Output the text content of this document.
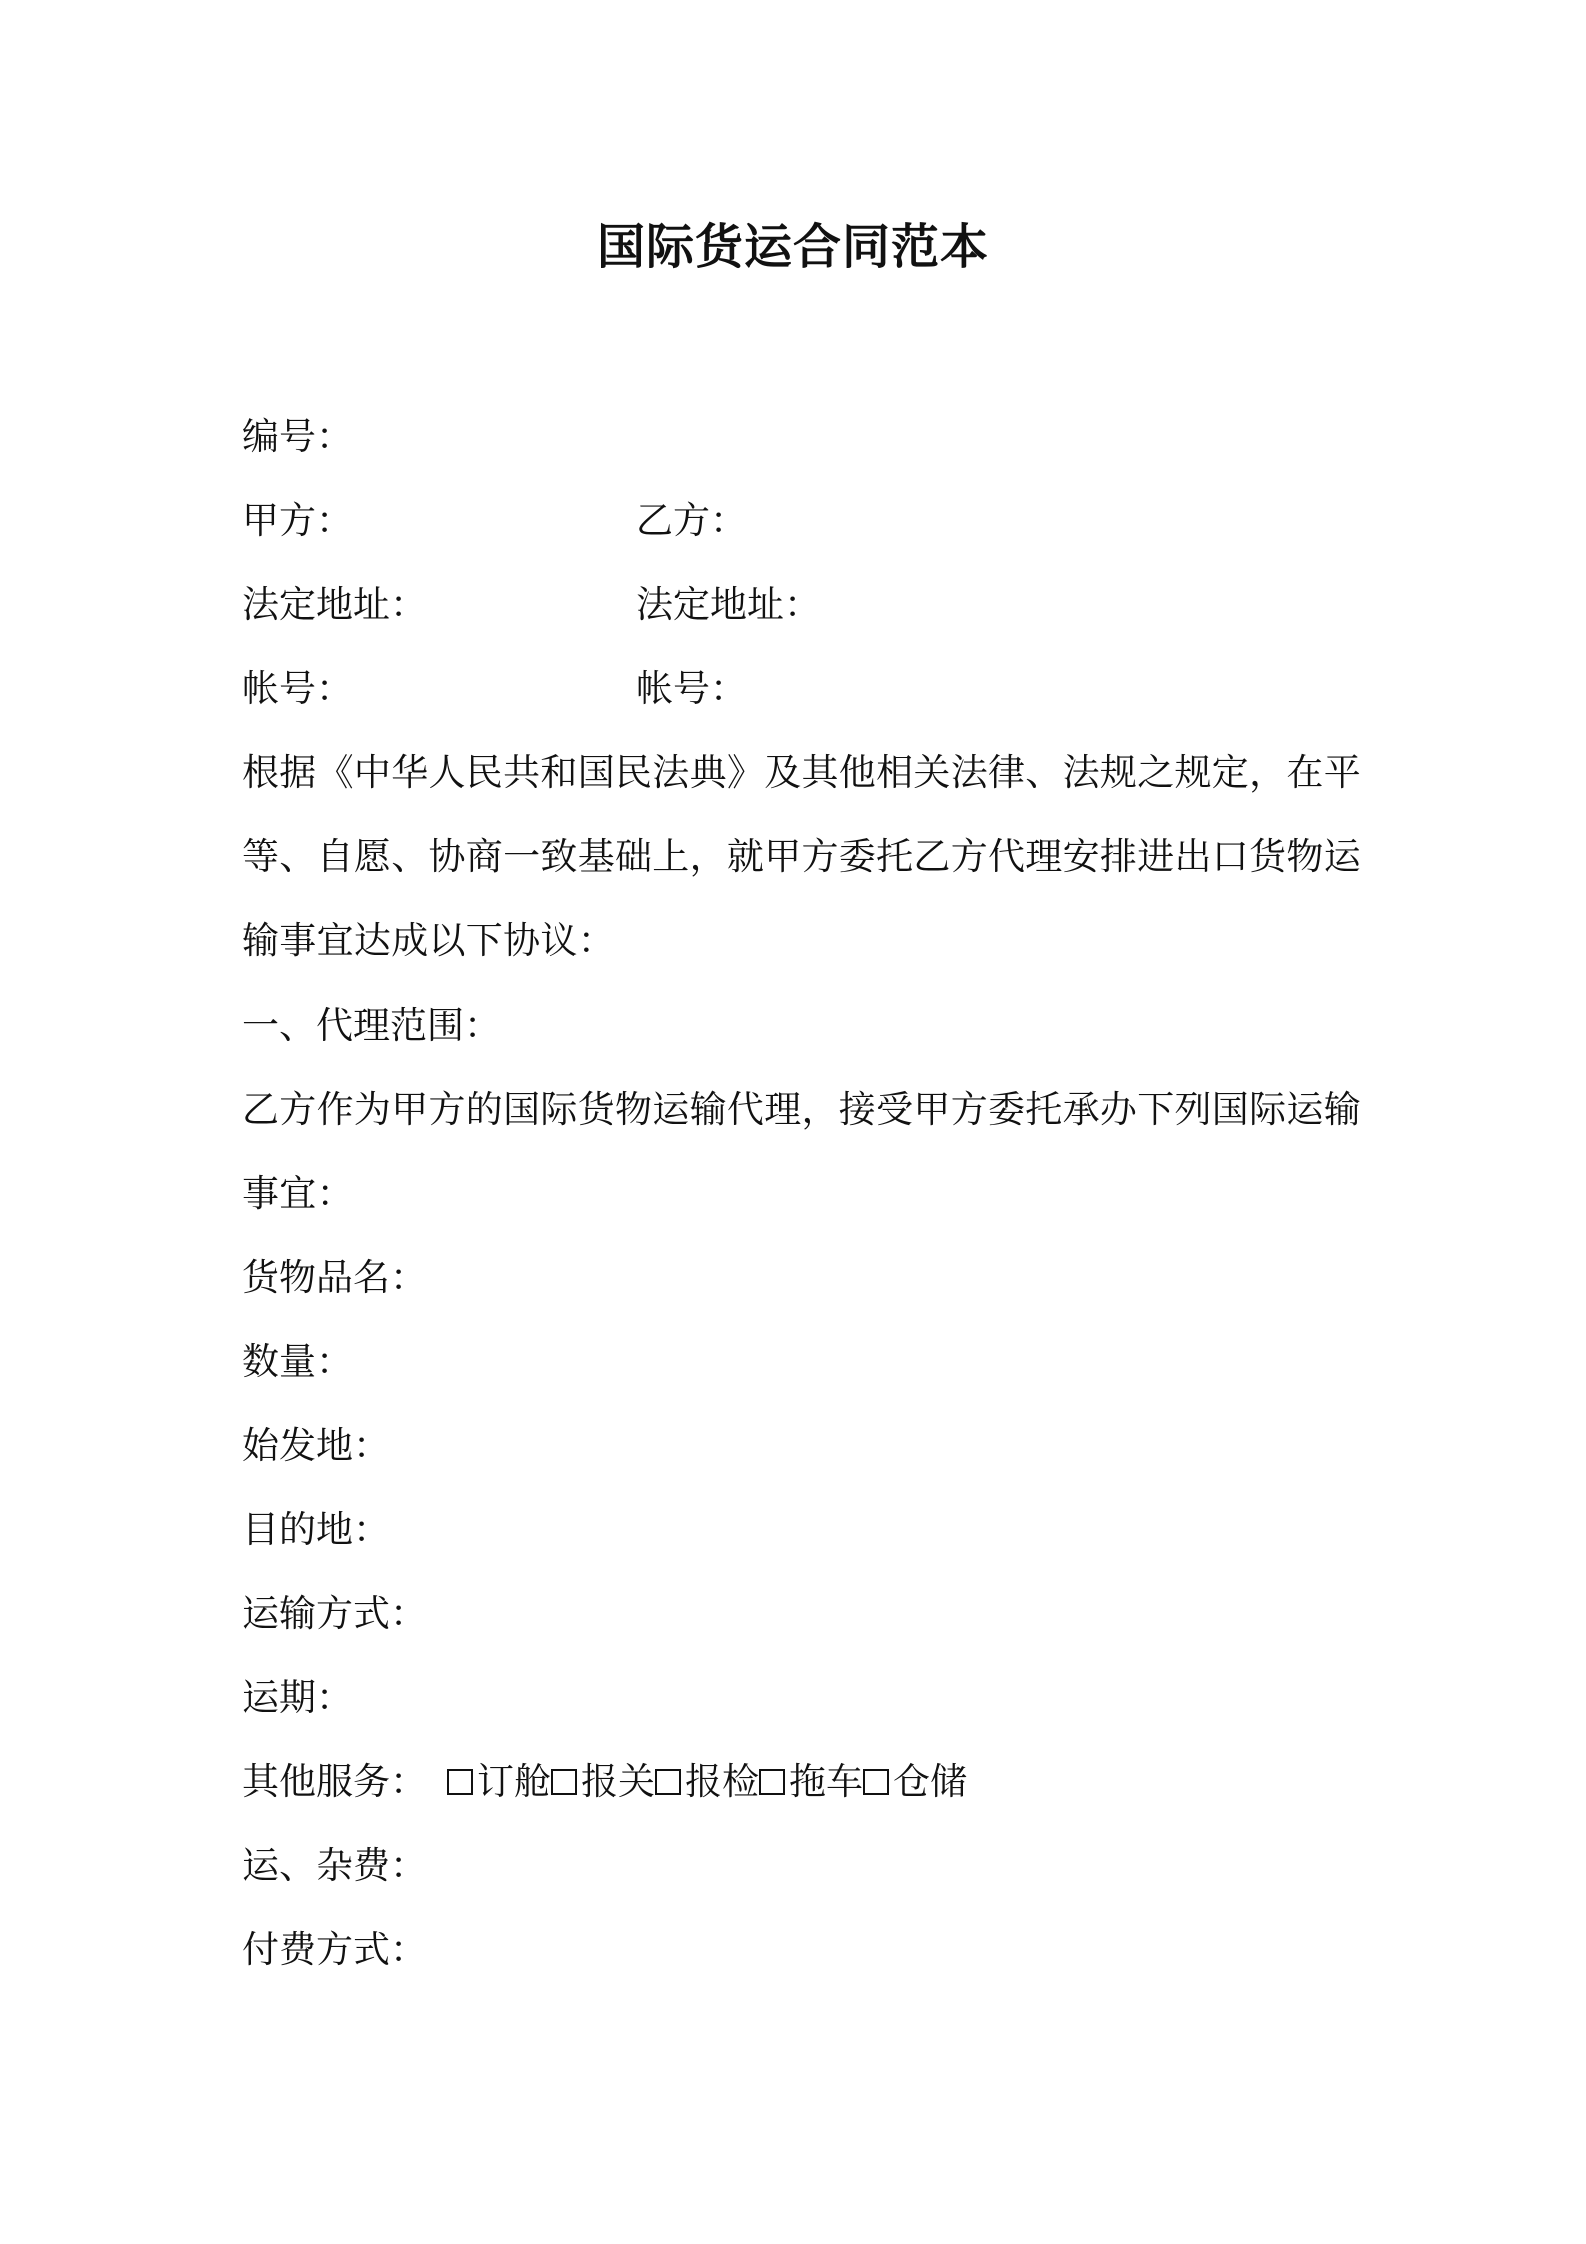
国际货运合同范本
编号：
甲方：	乙方：
法定地址：	法定地址：
帐号：	帐号：
根据《中华人民共和国民法典》及其他相关法律、法规之规定，在平
等、自愿、协商一致基础上，就甲方委托乙方代理安排进出口货物运
输事宜达成以下协议：
一、代理范围：
乙方作为甲方的国际货物运输代理，接受甲方委托承办下列国际运输
事宜：
货物品名：
数量：
始发地：
目的地：
运输方式：
运期：
其他服务： 订舱 报关 报检 拖车 仓储
运、杂费：
付费方式：
